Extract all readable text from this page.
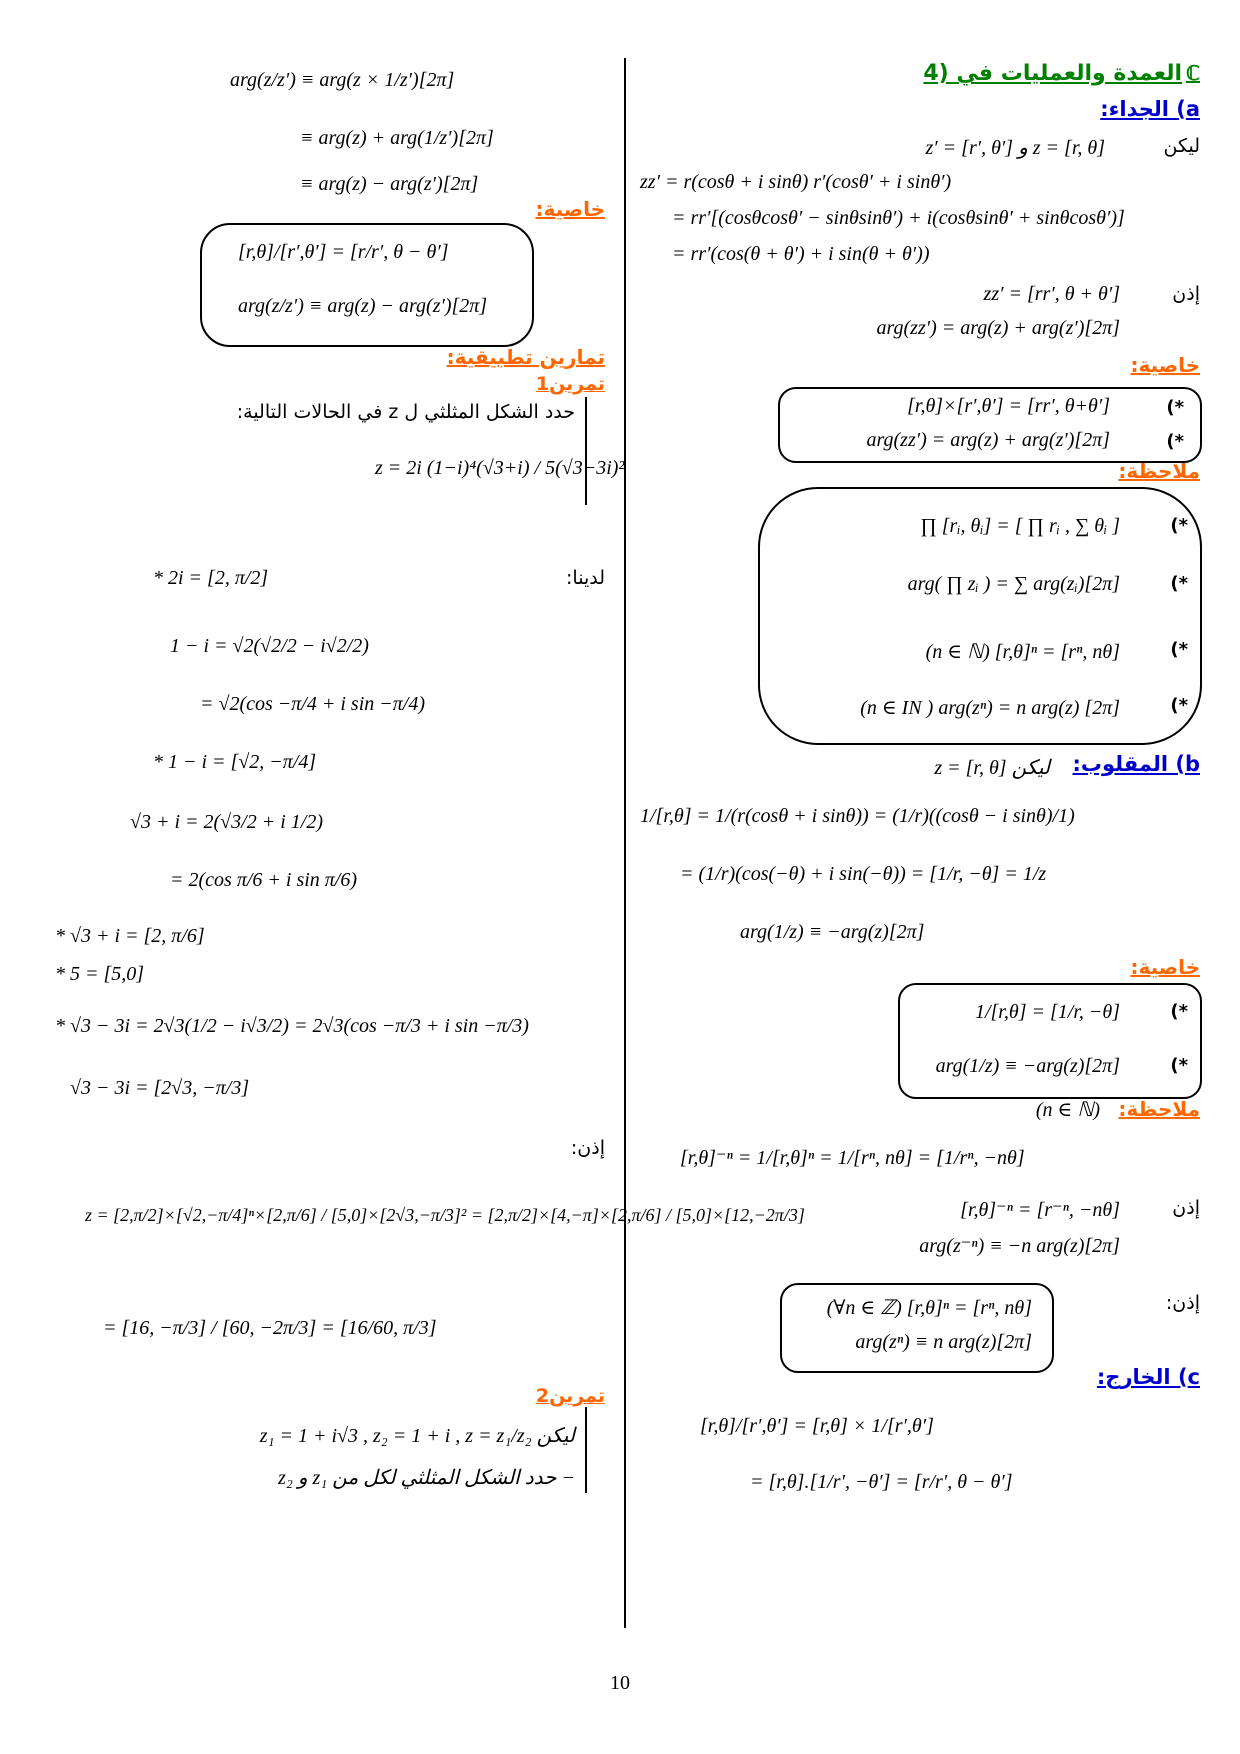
4) العمدة والعمليات في ℂ
a) الجداء:
ليكن
z′ = [r′, θ′] و z = [r, θ]
zz′ = r(cosθ + i sinθ) r′(cosθ′ + i sinθ′)
= rr′[(cosθcosθ′ − sinθsinθ′) + i(cosθsinθ′ + sinθcosθ′)]
= rr′(cos(θ + θ′) + i sin(θ + θ′))
إذن
zz′ = [rr′, θ + θ′]
arg(zz′) = arg(z) + arg(z′)[2π]
خاصية:
[r,θ]×[r′,θ′] = [rr′, θ+θ′]	(*
arg(zz′) = arg(z) + arg(z′)[2π]	(*
ملاحظة:
∏ [rᵢ, θᵢ] = [ ∏ rᵢ , ∑ θᵢ ]	(*
arg( ∏ zᵢ ) = ∑ arg(zᵢ)[2π]	(*
(n ∈ ℕ) [r,θ]ⁿ = [rⁿ, nθ]	(*
(n ∈ IN ) arg(zⁿ) = n arg(z) [2π]	(*
b) المقلوب:
z = [r, θ] ليكن
1/[r,θ] = 1/(r(cosθ + i sinθ)) = (1/r)((cosθ − i sinθ)/1)
= (1/r)(cos(−θ) + i sin(−θ)) = [1/r, −θ] = 1/z
arg(1/z) ≡ −arg(z)[2π]
خاصية:
1/[r,θ] = [1/r, −θ]	(*
arg(1/z) ≡ −arg(z)[2π]	(*
ملاحظة:
(n ∈ ℕ)
[r,θ]⁻ⁿ = 1/[r,θ]ⁿ = 1/[rⁿ, nθ] = [1/rⁿ, −nθ]
إذن
[r,θ]⁻ⁿ = [r⁻ⁿ, −nθ]
arg(z⁻ⁿ) ≡ −n arg(z)[2π]
إذن:
(∀n ∈ ℤ) [r,θ]ⁿ = [rⁿ, nθ]
arg(zⁿ) ≡ n arg(z)[2π]
c) الخارج:
[r,θ]/[r′,θ′] = [r,θ] × 1/[r′,θ′]
= [r,θ].[1/r′, −θ′] = [r/r′, θ − θ′]
arg(z/z′) ≡ arg(z × 1/z′)[2π]
≡ arg(z) + arg(1/z′)[2π]
≡ arg(z) − arg(z′)[2π]
خاصية:
[r,θ]/[r′,θ′] = [r/r′, θ − θ′]
arg(z/z′) ≡ arg(z) − arg(z′)[2π]
تمارين تطبيقية:
تمرين1
حدد الشكل المثلثي ل z في الحالات التالية:
z = 2i (1−i)⁴(√3+i) / 5(√3−3i)²
لدينا:
* 2i = [2, π/2]
1 − i = √2(√2/2 − i√2/2)
= √2(cos −π/4 + i sin −π/4)
* 1 − i = [√2, −π/4]
√3 + i = 2(√3/2 + i 1/2)
= 2(cos π/6 + i sin π/6)
* √3 + i = [2, π/6]
* 5 = [5,0]
* √3 − 3i = 2√3(1/2 − i√3/2) = 2√3(cos −π/3 + i sin −π/3)
√3 − 3i = [2√3, −π/3]
إذن:
z = [2,π/2]×[√2,−π/4]ⁿ×[2,π/6] / [5,0]×[2√3,−π/3]² = [2,π/2]×[4,−π]×[2,π/6] / [5,0]×[12,−2π/3]
= [16, −π/3] / [60, −2π/3] = [16/60, π/3]
تمرين2
ليكن z₁ = 1 + i√3 , z₂ = 1 + i , z = z₁/z₂
− حدد الشكل المثلثي لكل من z₁ و z₂
10
